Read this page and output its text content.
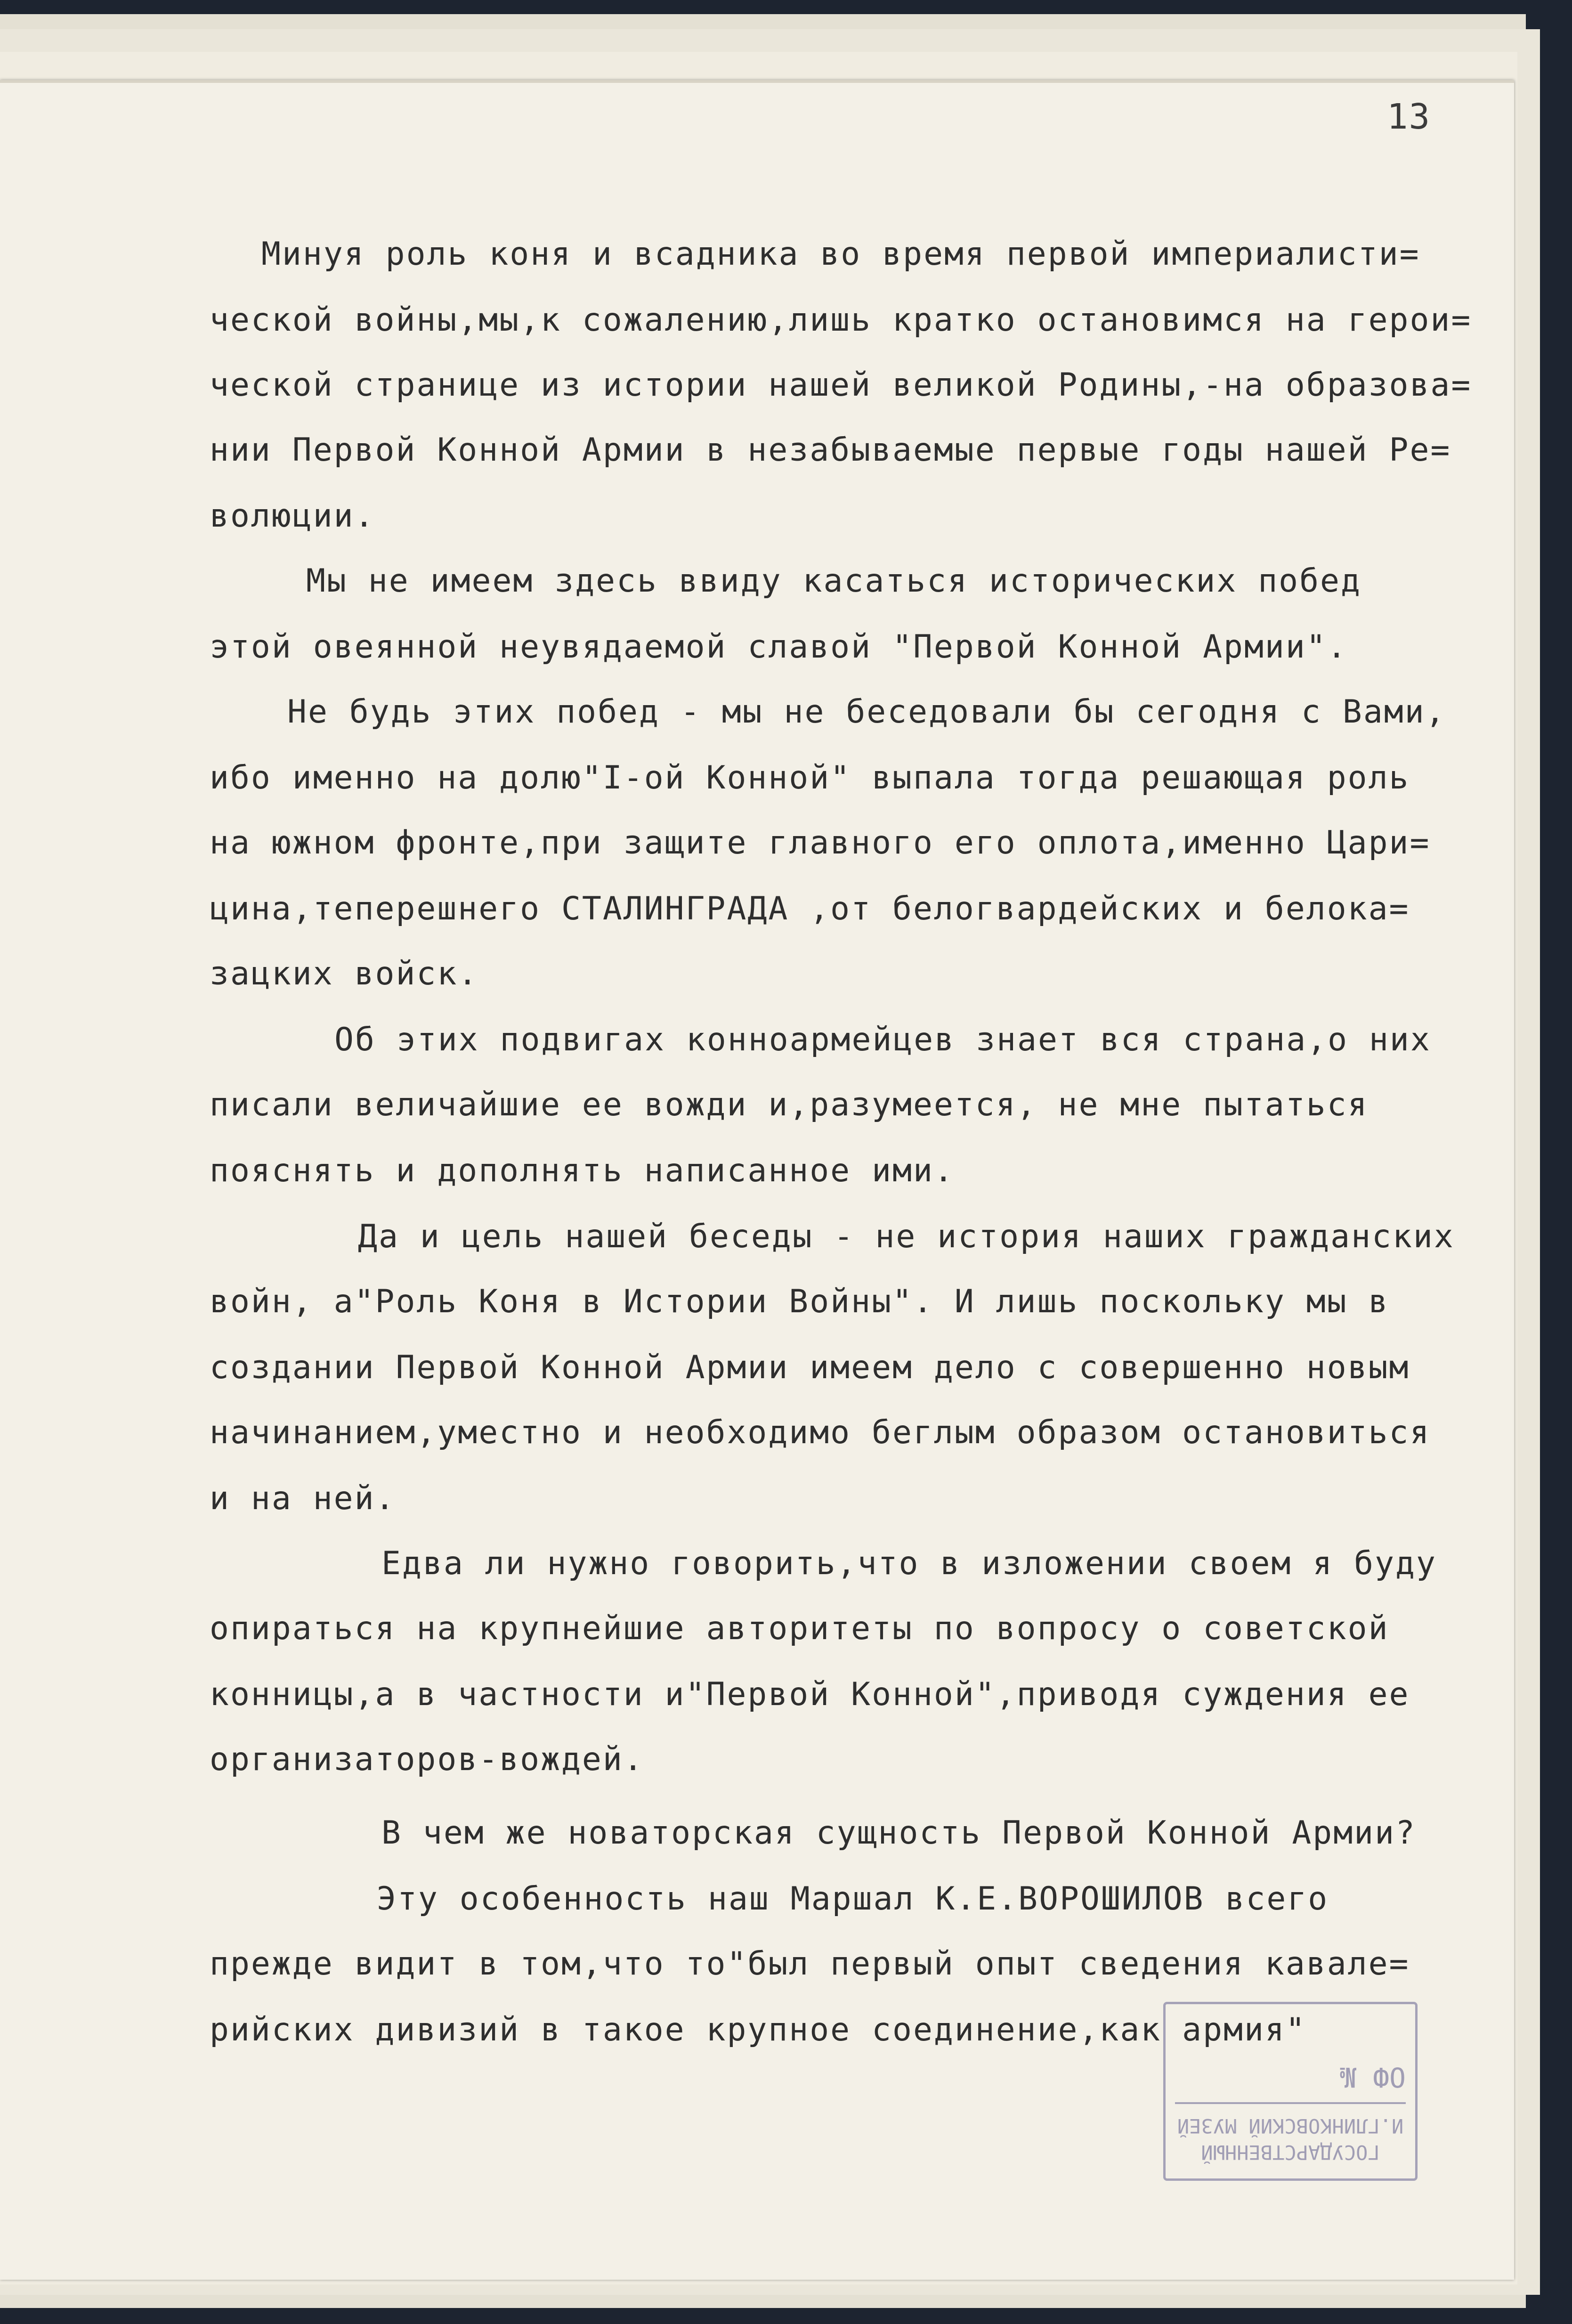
13
Минуя роль коня и всадника во время первой империалисти=
ческой войны,мы,к сожалению,лишь кратко остановимся на герои=
ческой странице из истории нашей великой Родины,-на образова=
нии Первой Конной Армии в незабываемые первые годы нашей Ре=
волюции.
Мы не имеем здесь ввиду касаться исторических побед
этой овеянной неувядаемой славой "Первой Конной Армии".
Не будь этих побед - мы не беседовали бы сегодня с Вами,
ибо именно на долю"I-ой Конной" выпала тогда решающая роль
на южном фронте,при защите главного его оплота,именно Цари=
цина,теперешнего СТАЛИНГРАДА ,от белогвардейских и белока=
зацких войск.
Об этих подвигах конноармейцев знает вся страна,о них
писали величайшие ее вожди и,разумеется, не мне пытаться
пояснять и дополнять написанное ими.
Да и цель нашей беседы - не история наших гражданских
войн, а"Роль Коня в Истории Войны". И лишь поскольку мы в
создании Первой Конной Армии имеем дело с совершенно новым
начинанием,уместно и необходимо беглым образом остановиться
и на ней.
Едва ли нужно говорить,что в изложении своем я буду
опираться на крупнейшие авторитеты по вопросу о советской
конницы,а в частности и"Первой Конной",приводя суждения ее
организаторов-вождей.
В чем же новаторская сущность Первой Конной Армии?
Эту особенность наш Маршал К.Е.ВОРОШИЛОВ всего
прежде видит в том,что то"был первый опыт сведения кавале=
рийских дивизий в такое крупное соединение,как армия"
ГОСУДАРСТВЕННЫЙ
И.ГЛИНКОВСКИЙ МУЗЕЙ
ОФ №
